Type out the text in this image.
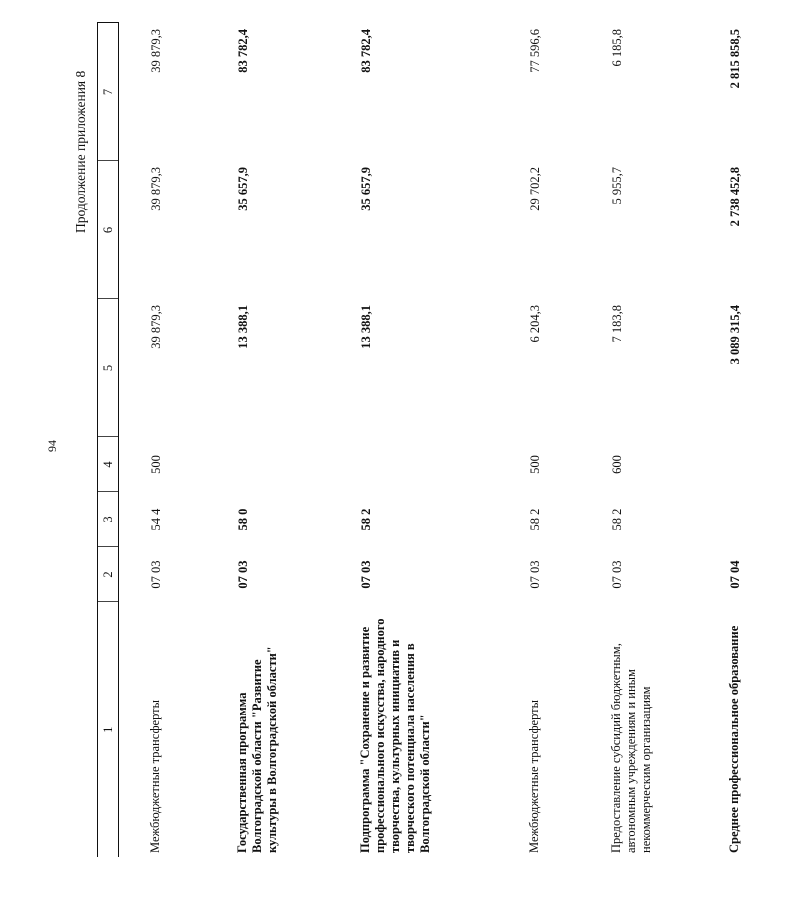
94
Продолжение приложения 8
1	2	3	4	5	6	7
Межбюджетные трансферты	07 03	54 4	500	39 879,3	39 879,3	39 879,3
Государственная программа Волгоградской области "Развитие культуры в Волгоградской области"	07 03	58 0		13 388,1	35 657,9	83 782,4
Подпрограмма "Сохранение и развитие профессионального искусства, народного творчества, культурных инициатив и творческого потенциала населения в Волгоградской области"	07 03	58 2		13 388,1	35 657,9	83 782,4
Межбюджетные трансферты	07 03	58 2	500	6 204,3	29 702,2	77 596,6
Предоставление субсидий бюджетным, автономным учреждениям и иным некоммерческим организациям	07 03	58 2	600	7 183,8	5 955,7	6 185,8
Среднее профессиональное образование	07 04			3 089 315,4	2 738 452,8	2 815 858,5
